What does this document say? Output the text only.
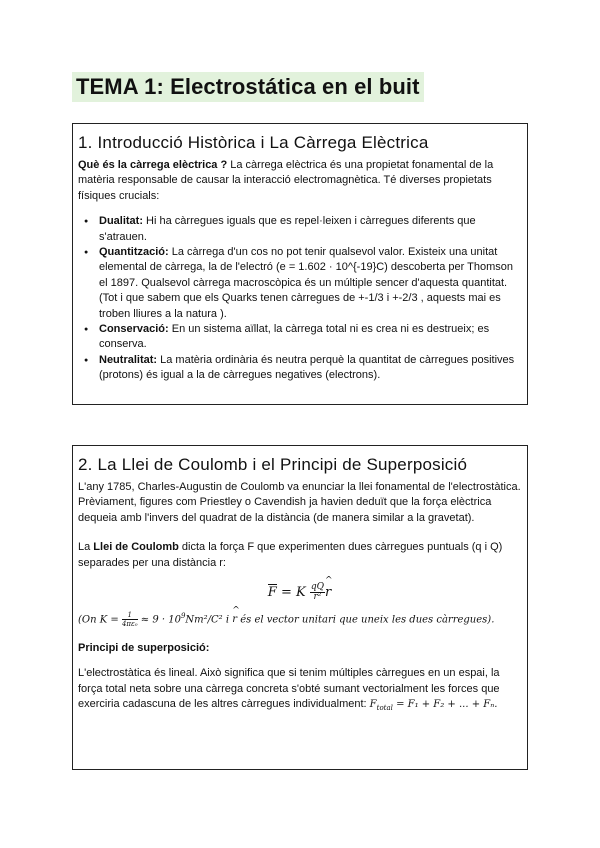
TEMA 1: Electrostática en el buit
1. Introducció Històrica i La Càrrega Elèctrica

Què és la càrrega elèctrica ? La càrrega elèctrica és una propietat fonamental de la matèria responsable de causar la interacció electromagnètica. Té diverses propietats físiques crucials:

● Dualitat: Hi ha càrregues iguals que es repel·leixen i càrregues diferents que s'atrauen.
● Quantització: La càrrega d'un cos no pot tenir qualsevol valor. Existeix una unitat elemental de càrrega, la de l'electró (e = 1.602 · 10^{-19}C) descoberta per Thomson el 1897. Qualsevol càrrega macroscòpica és un múltiple sencer d'aquesta quantitat. (Tot i que sabem que els Quarks tenen càrregues de +-1/3 i +-2/3 , aquests mai es troben lliures a la natura ).
● Conservació: En un sistema aïllat, la càrrega total ni es crea ni es destrueix; es conserva.
● Neutralitat: La matèria ordinària és neutra perquè la quantitat de càrregues positives (protons) és igual a la de càrregues negatives (electrons).
2. La Llei de Coulomb i el Principi de Superposició

L'any 1785, Charles-Augustin de Coulomb va enunciar la llei fonamental de l'electrostàtica. Prèviament, figures com Priestley o Cavendish ja havien deduït que la força elèctrica dequeia amb l'invers del quadrat de la distància (de manera similar a la gravetat).

La Llei de Coulomb dicta la força F que experimenten dues càrregues puntuals (q i Q) separades per una distància r:

F = K $\frac{qQ}{\text{r²}}$
^ r

(On $K = \frac{1}{\text{4πε₀}} \approx 9 \cdot 10^9Nm^2/C^2$ i ^ r és el vector unitari que uneix les dues càrregues).

Principi de superposició:

L'electrostàtica és lineal. Això significa que si tenim múltiples càrregues en un espai, la força total neta sobre una càrrega concreta s'obté sumant vectorialment les forces que exerciria cadascuna de les altres càrregues individualment: $F_{total} = F_1 + F_2$ + ... + Fₙ.
